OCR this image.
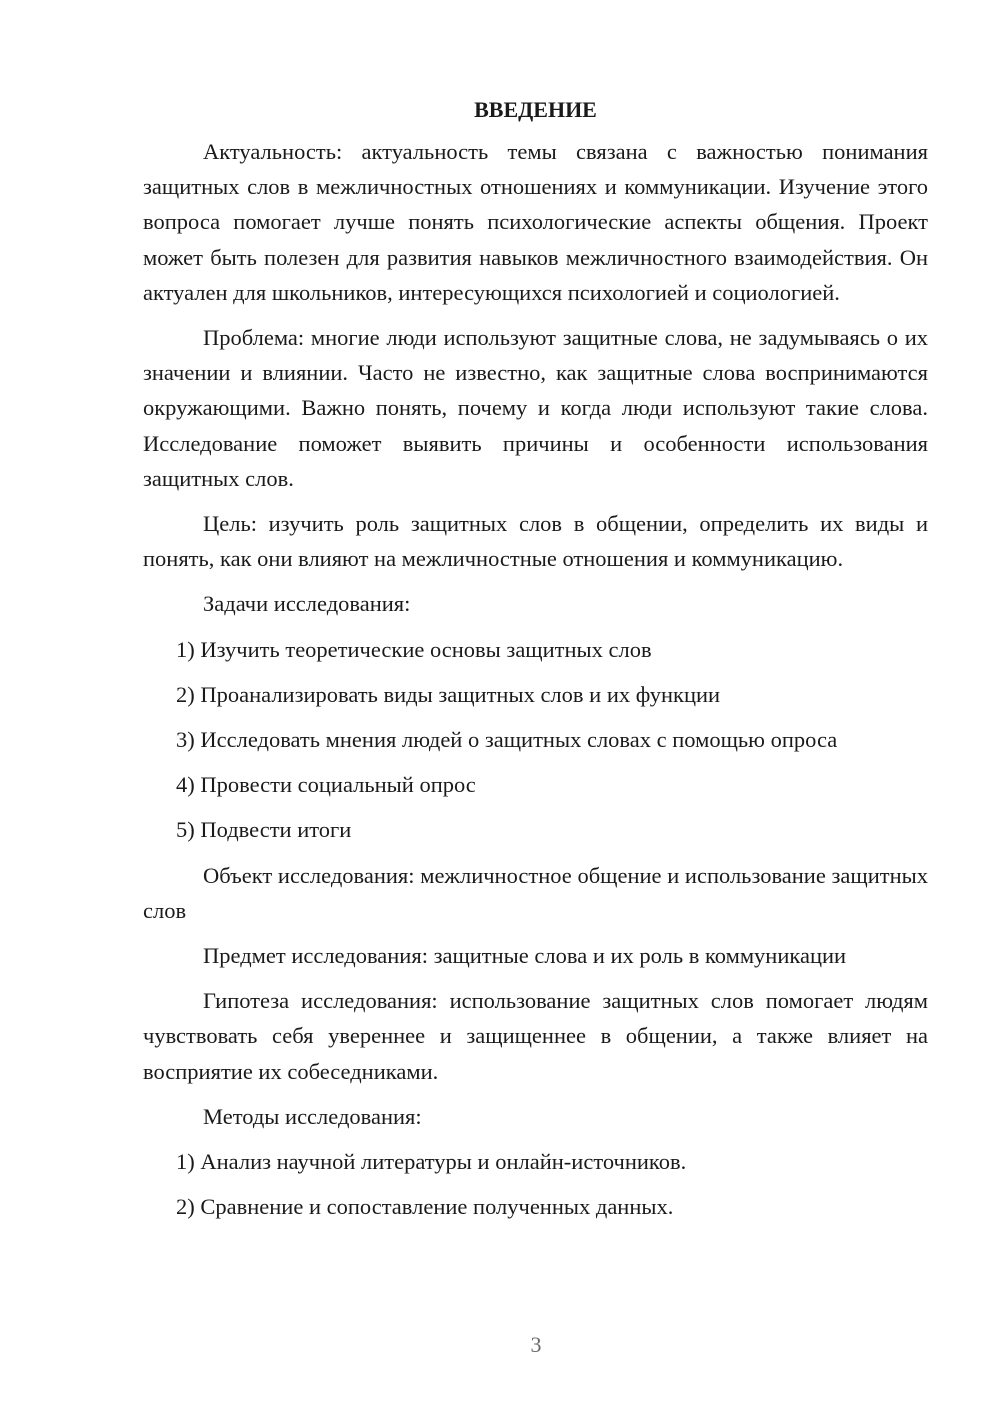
ВВЕДЕНИЕ

Актуальность: актуальность темы связана с важностью понимания защитных слов в межличностных отношениях и коммуникации. Изучение этого вопроса помогает лучше понять психологические аспекты общения. Проект может быть полезен для развития навыков межличностного взаимодействия. Он актуален для школьников, интересующихся психологией и социологией.

Проблема: многие люди используют защитные слова, не задумываясь о их значении и влиянии. Часто не известно, как защитные слова воспринимаются окружающими. Важно понять, почему и когда люди используют такие слова. Исследование поможет выявить причины и особенности использования защитных слов.

Цель: изучить роль защитных слов в общении, определить их виды и понять, как они влияют на межличностные отношения и коммуникацию.

Задачи исследования:

1) Изучить теоретические основы защитных слов

2) Проанализировать виды защитных слов и их функции

3) Исследовать мнения людей о защитных словах с помощью опроса

4) Провести социальный опрос

5) Подвести итоги

Объект исследования: межличностное общение и использование защитных слов

Предмет исследования: защитные слова и их роль в коммуникации

Гипотеза исследования: использование защитных слов помогает людям чувствовать себя увереннее и защищеннее в общении, а также влияет на восприятие их собеседниками.

Методы исследования:

1) Анализ научной литературы и онлайн-источников.

2) Сравнение и сопоставление полученных данных.

3
